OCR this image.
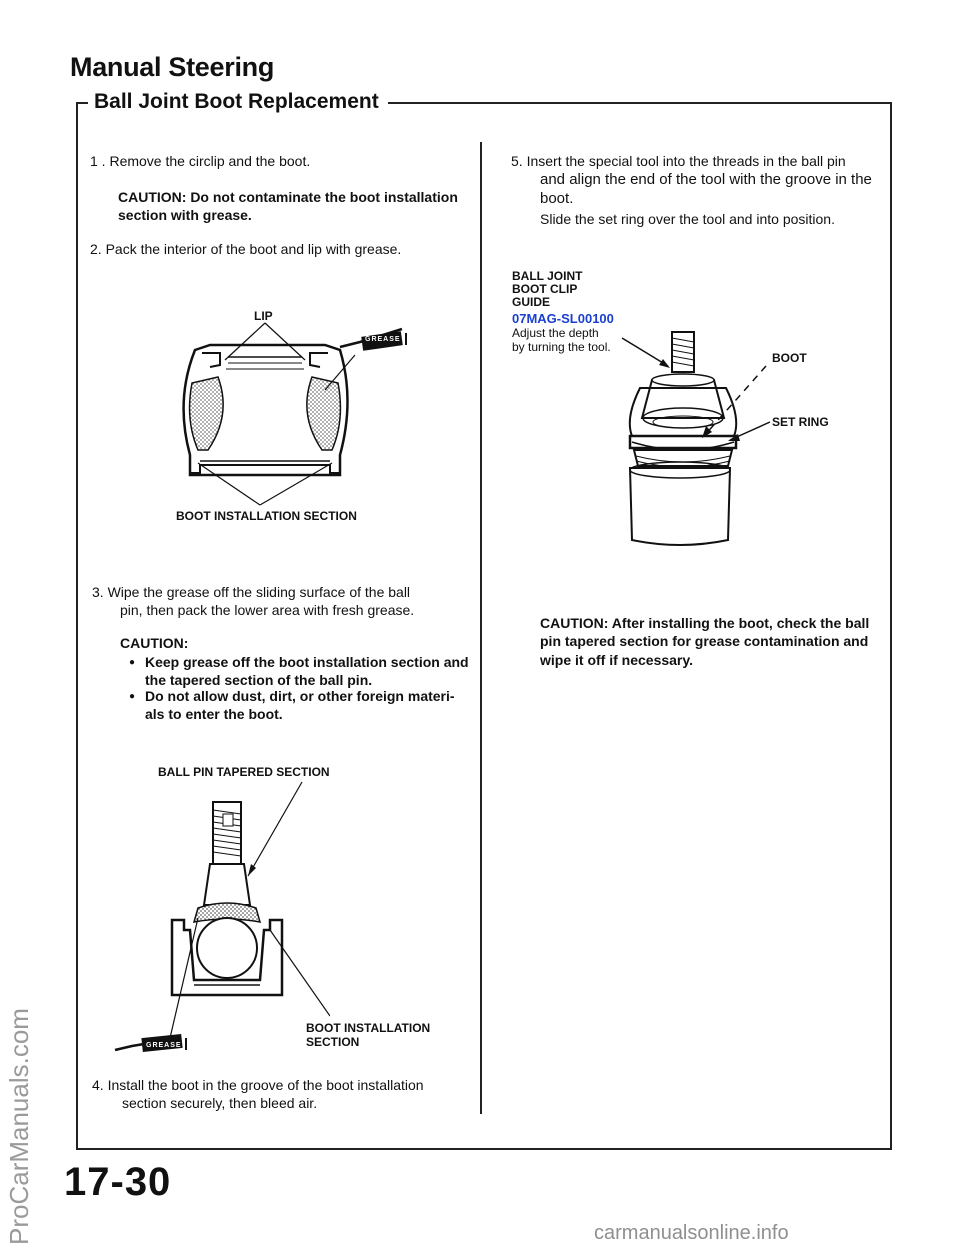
Manual Steering
Ball Joint Boot Replacement
1 . Remove the circlip and the boot.
CAUTION: Do not contaminate the boot installation
section with grease.
2. Pack the interior of the boot and lip with grease.
LIP
GREASE
BOOT INSTALLATION SECTION
3. Wipe the grease off the sliding surface of the ball
pin, then pack the lower area with fresh grease.
CAUTION:
● Keep grease off the boot installation section and
the tapered section of the ball pin.
● Do not allow dust, dirt, or other foreign materi-
als to enter the boot.
BALL PIN TAPERED SECTION
BOOT INSTALLATION
SECTION
GREASE
4. Install the boot in the groove of the boot installation
section securely, then bleed air.
5. Insert the special tool into the threads in the ball pin
and align the end of the tool with the groove in the
boot.
Slide the set ring over the tool and into position.
BALL JOINT
BOOT CLIP
GUIDE
07MAG-SL00100
Adjust the depth
by turning the tool.
BOOT
SET RING
CAUTION: After installing the boot, check the ball
pin tapered section for grease contamination and
wipe it off if necessary.
17-30
ProCarManuals.com	carmanualsonline.info
